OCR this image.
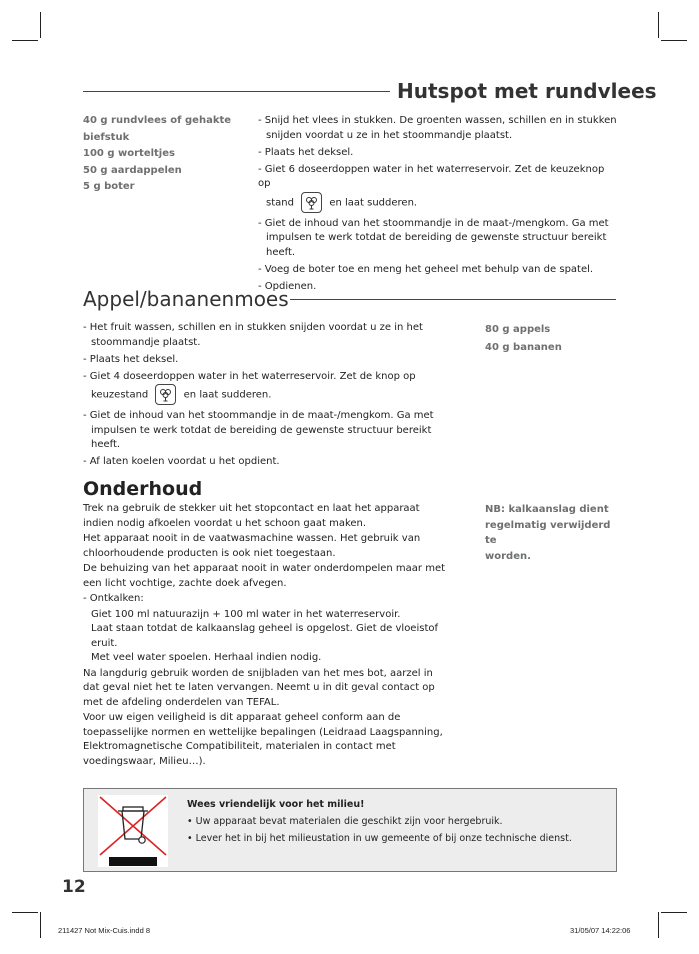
Hutspot met rundvlees
40 g rundvlees of gehakte
biefstuk
100 g worteltjes
50 g aardappelen
5 g boter
- Snijd het vlees in stukken. De groenten wassen, schillen en in stukken
snijden voordat u ze in het stoommandje plaatst.
- Plaats het deksel.
- Giet 6 doseerdoppen water in het waterreservoir. Zet de keuzeknop op
stand	en laat sudderen.
- Giet de inhoud van het stoommandje in de maat-/mengkom. Ga met
impulsen te werk totdat de bereiding de gewenste structuur bereikt heeft.
- Voeg de boter toe en meng het geheel met behulp van de spatel.
- Opdienen.
Appel/bananenmoes
- Het fruit wassen, schillen en in stukken snijden voordat u ze in het
stoommandje plaatst.
- Plaats het deksel.
- Giet 4 doseerdoppen water in het waterreservoir. Zet de knop op
keuzestand	en laat sudderen.
- Giet de inhoud van het stoommandje in de maat-/mengkom. Ga met
impulsen te werk totdat de bereiding de gewenste structuur bereikt heeft.
- Af laten koelen voordat u het opdient.
80 g appels
40 g bananen
Onderhoud
Trek na gebruik de stekker uit het stopcontact en laat het apparaat
indien nodig afkoelen voordat u het schoon gaat maken.
Het apparaat nooit in de vaatwasmachine wassen. Het gebruik van
chloorhoudende producten is ook niet toegestaan.
De behuizing van het apparaat nooit in water onderdompelen maar met
een licht vochtige, zachte doek afvegen.
- Ontkalken:
Giet 100 ml natuurazijn + 100 ml water in het waterreservoir.
Laat staan totdat de kalkaanslag geheel is opgelost. Giet de vloeistof eruit.
Met veel water spoelen. Herhaal indien nodig.
Na langdurig gebruik worden de snijbladen van het mes bot, aarzel in
dat geval niet het te laten vervangen. Neemt u in dit geval contact op
met de afdeling onderdelen van TEFAL.
Voor uw eigen veiligheid is dit apparaat geheel conform aan de
toepasselijke normen en wettelijke bepalingen (Leidraad Laagspanning,
Elektromagnetische Compatibiliteit, materialen in contact met
voedingswaar, Milieu…).
NB: kalkaanslag dient
regelmatig verwijderd te
worden.
Wees vriendelijk voor het milieu!
• Uw apparaat bevat materialen die geschikt zijn voor hergebruik.
• Lever het in bij het milieustation in uw gemeente of bij onze technische dienst.
12
211427 Not Mix-Cuis.indd 8	31/05/07 14:22:06
